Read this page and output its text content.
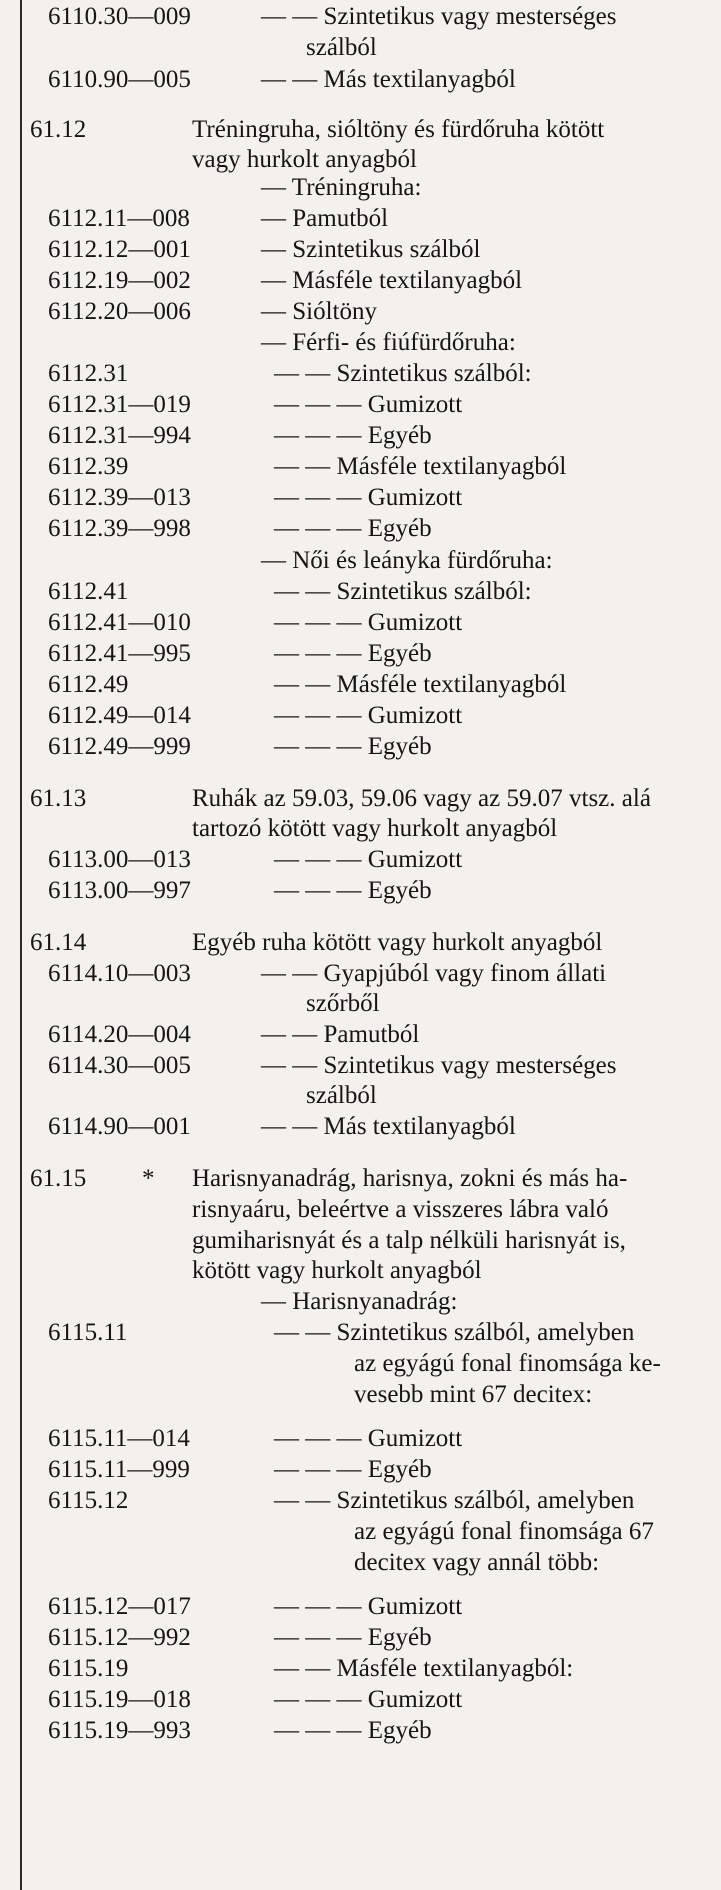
6110.30—009	— — Szintetikus vagy mesterséges
szálból
6110.90—005	— — Más textilanyagból
61.12	Tréningruha, sióltöny és fürdőruha kötött
vagy hurkolt anyagból
— Tréningruha:
6112.11—008	— Pamutból
6112.12—001	— Szintetikus szálból
6112.19—002	— Másféle textilanyagból
6112.20—006	— Sióltöny
— Férfi- és fiúfürdőruha:
6112.31	— — Szintetikus szálból:
6112.31—019	— — — Gumizott
6112.31—994	— — — Egyéb
6112.39	— — Másféle textilanyagból
6112.39—013	— — — Gumizott
6112.39—998	— — — Egyéb
— Női és leányka fürdőruha:
6112.41	— — Szintetikus szálból:
6112.41—010	— — — Gumizott
6112.41—995	— — — Egyéb
6112.49	— — Másféle textilanyagból
6112.49—014	— — — Gumizott
6112.49—999	— — — Egyéb
61.13	Ruhák az 59.03, 59.06 vagy az 59.07 vtsz. alá
tartozó kötött vagy hurkolt anyagból
6113.00—013	— — — Gumizott
6113.00—997	— — — Egyéb
61.14	Egyéb ruha kötött vagy hurkolt anyagból
6114.10—003	— — Gyapjúból vagy finom állati
szőrből
6114.20—004	— — Pamutból
6114.30—005	— — Szintetikus vagy mesterséges
szálból
6114.90—001	— — Más textilanyagból
61.15 * Harisnyanadrág, harisnya, zokni és más ha-
risnyaáru, beleértve a visszeres lábra való
gumiharisnyát és a talp nélküli harisnyát is,
kötött vagy hurkolt anyagból
— Harisnyanadrág:
6115.11	— — Szintetikus szálból, amelyben
az egyágú fonal finomsága ke-
vesebb mint 67 decitex:
6115.11—014	— — — Gumizott
6115.11—999	— — — Egyéb
6115.12	— — Szintetikus szálból, amelyben
az egyágú fonal finomsága 67
decitex vagy annál több:
6115.12—017	— — — Gumizott
6115.12—992	— — — Egyéb
6115.19	— — Másféle textilanyagból:
6115.19—018	— — — Gumizott
6115.19—993	— — — Egyéb
